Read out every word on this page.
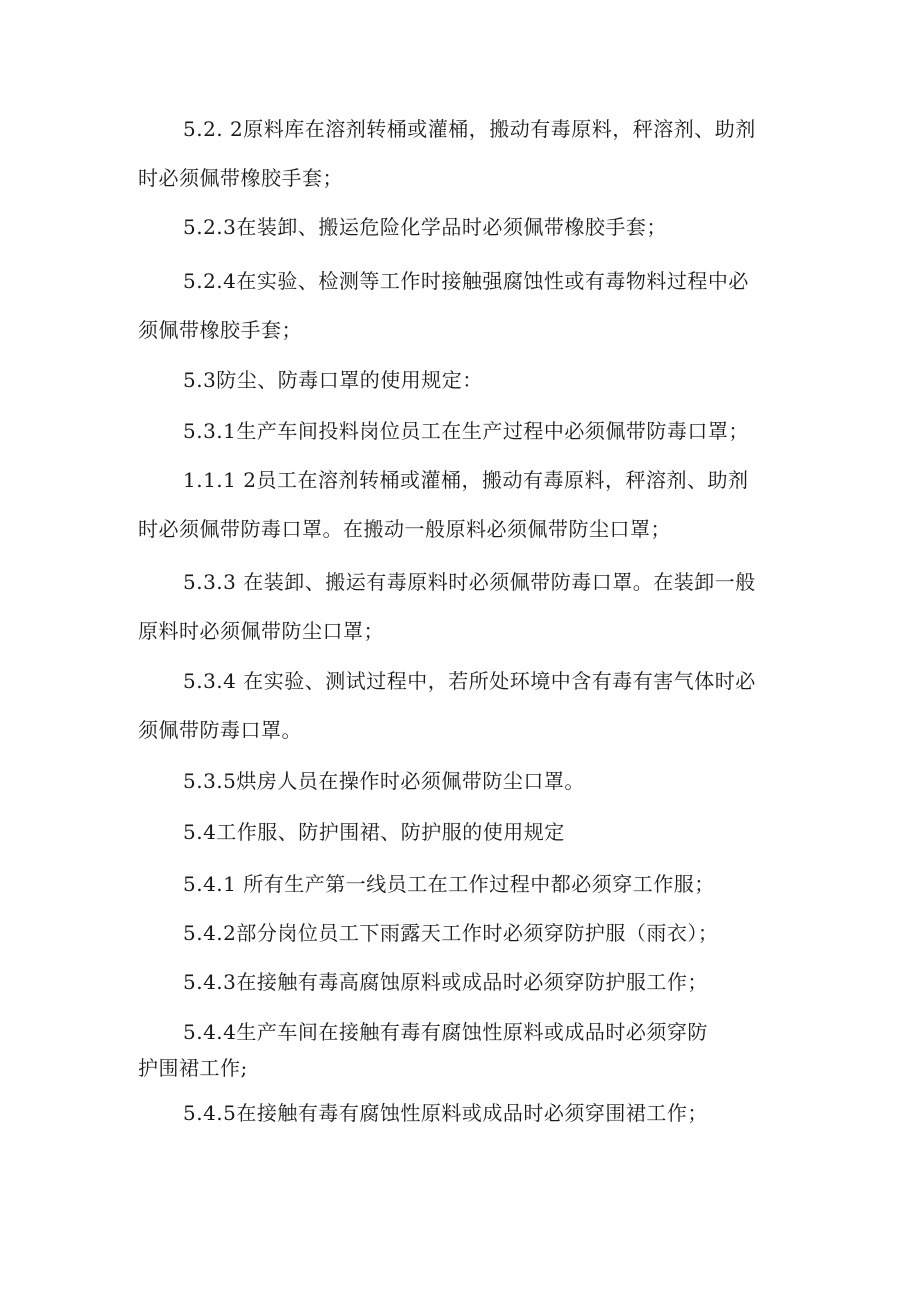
5.2. 2原料库在溶剂转桶或灌桶，搬动有毒原料，秤溶剂、助剂
时必须佩带橡胶手套；
5.2.3在装卸、搬运危险化学品时必须佩带橡胶手套；
5.2.4在实验、检测等工作时接触强腐蚀性或有毒物料过程中必
须佩带橡胶手套；
5.3防尘、防毒口罩的使用规定：
5.3.1生产车间投料岗位员工在生产过程中必须佩带防毒口罩；
1.1.1 2员工在溶剂转桶或灌桶，搬动有毒原料，秤溶剂、助剂
时必须佩带防毒口罩。在搬动一般原料必须佩带防尘口罩；
5.3.3 在装卸、搬运有毒原料时必须佩带防毒口罩。在装卸一般
原料时必须佩带防尘口罩；
5.3.4 在实验、测试过程中，若所处环境中含有毒有害气体时必
须佩带防毒口罩。
5.3.5烘房人员在操作时必须佩带防尘口罩。
5.4工作服、防护围裙、防护服的使用规定
5.4.1 所有生产第一线员工在工作过程中都必须穿工作服；
5.4.2部分岗位员工下雨露天工作时必须穿防护服（雨衣）；
5.4.3在接触有毒高腐蚀原料或成品时必须穿防护服工作；
5.4.4生产车间在接触有毒有腐蚀性原料或成品时必须穿防
护围裙工作;
5.4.5在接触有毒有腐蚀性原料或成品时必须穿围裙工作；
